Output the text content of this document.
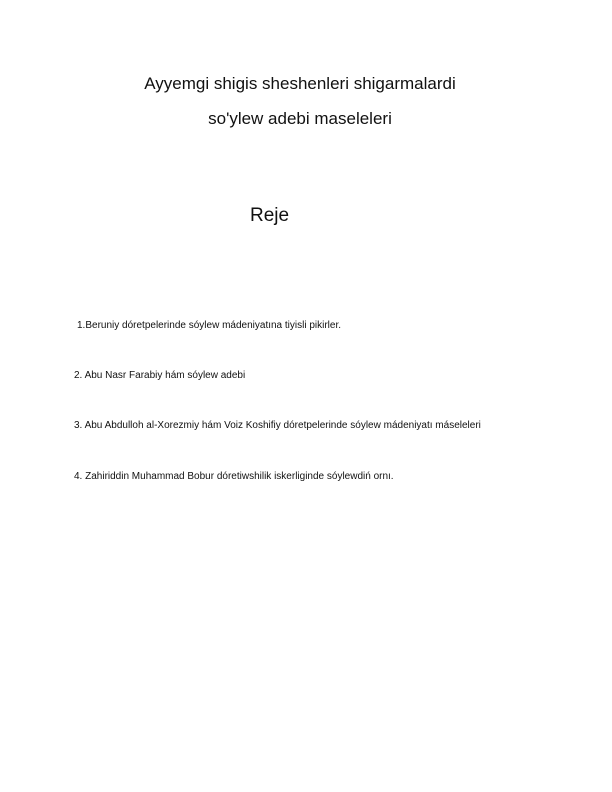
Ayyemgi shigis sheshenleri shigarmalardi
so'ylew adebi maseleleri
Reje
1.Beruniy dóretpelerinde sóylew mádeniyatına tiyisli pikirler.
2. Abu Nasr Farabiy hám sóylew adebi
3. Abu Abdulloh al-Xorezmiy hám Voiz Koshifiy dóretpelerinde sóylew mádeniyatı máseleleri
4. Zahiriddin Muhammad Bobur dóretiwshilik iskerliginde sóylewdiń ornı.
